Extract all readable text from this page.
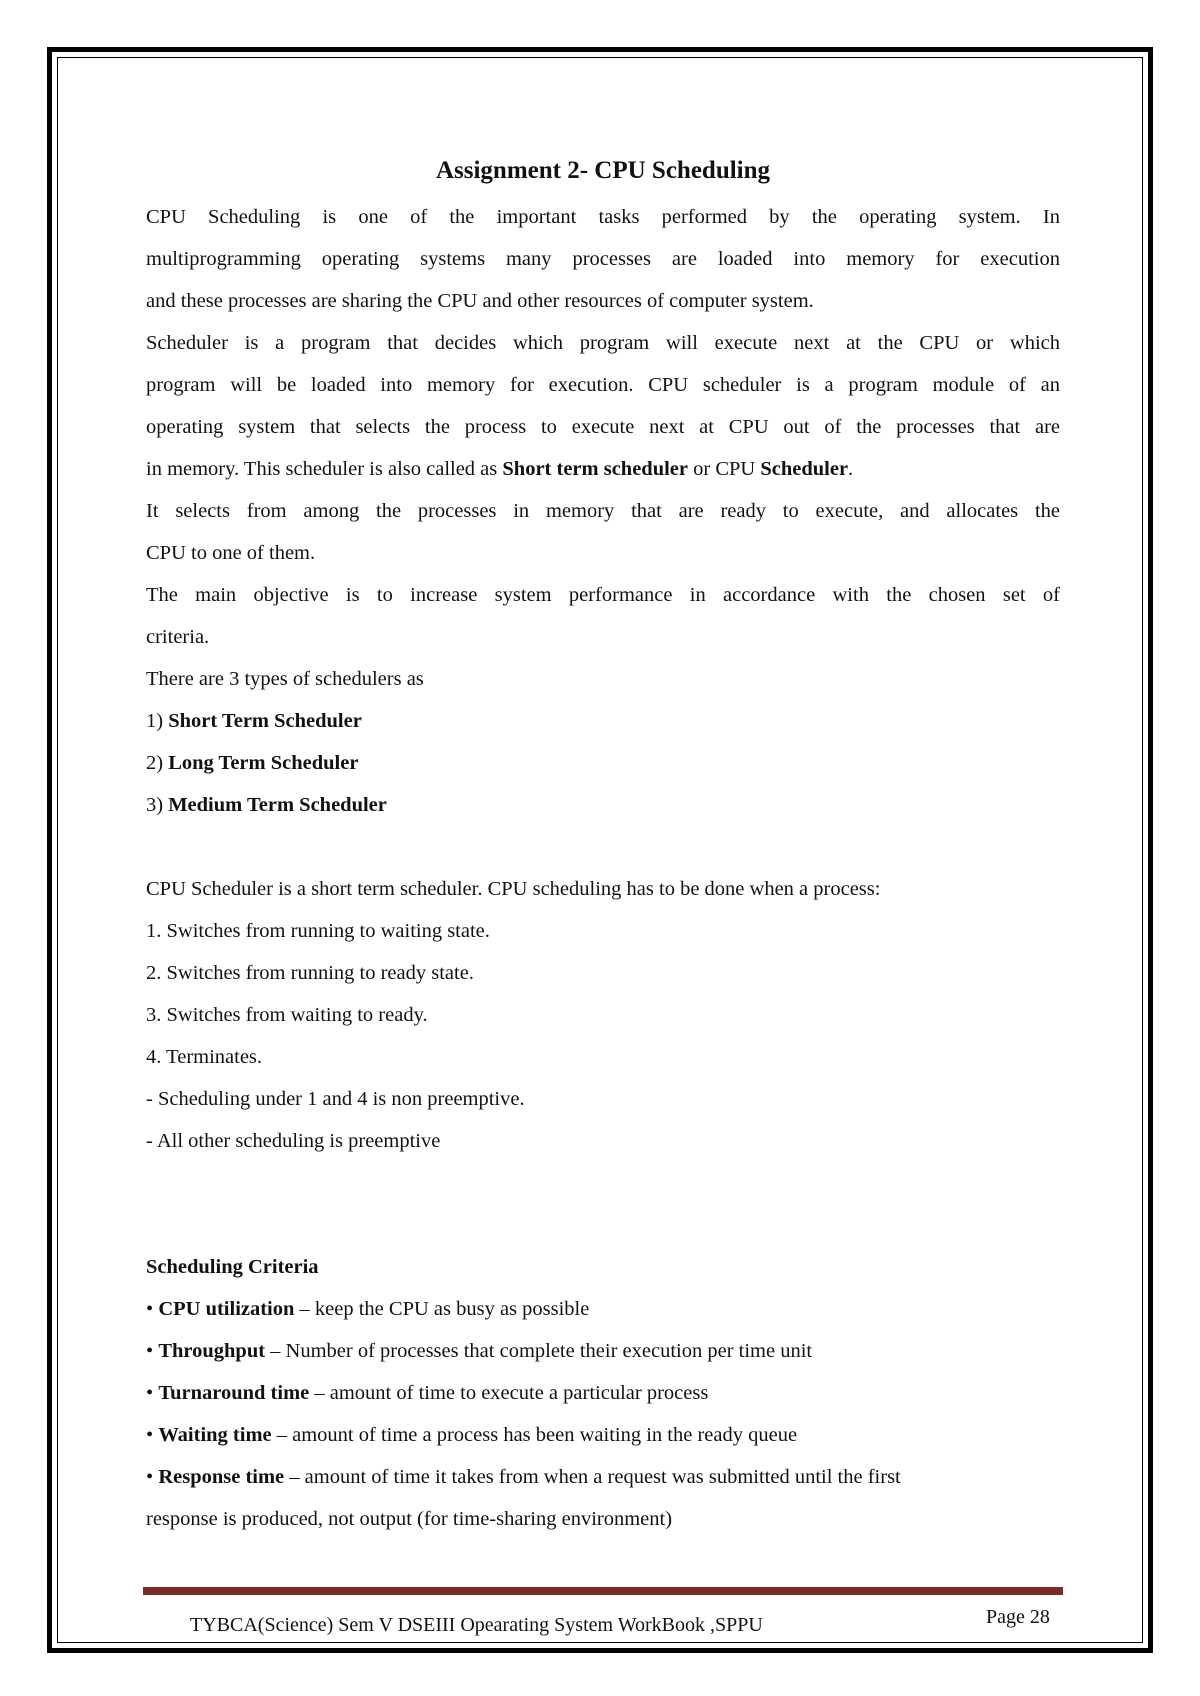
Assignment 2- CPU Scheduling
CPU Scheduling is one of the important tasks performed by the operating system. In
multiprogramming operating systems many processes are loaded into memory for execution
and these processes are sharing the CPU and other resources of computer system.
Scheduler is a program that decides which program will execute next at the CPU or which
program will be loaded into memory for execution. CPU scheduler is a program module of an
operating system that selects the process to execute next at CPU out of the processes that are
in memory. This scheduler is also called as Short term scheduler or CPU Scheduler.
It selects from among the processes in memory that are ready to execute, and allocates the
CPU to one of them.
The main objective is to increase system performance in accordance with the chosen set of
criteria.
There are 3 types of schedulers as
1) Short Term Scheduler
2) Long Term Scheduler
3) Medium Term Scheduler
CPU Scheduler is a short term scheduler. CPU scheduling has to be done when a process:
1. Switches from running to waiting state.
2. Switches from running to ready state.
3. Switches from waiting to ready.
4. Terminates.
- Scheduling under 1 and 4 is non preemptive.
- All other scheduling is preemptive
Scheduling Criteria
• CPU utilization – keep the CPU as busy as possible
• Throughput – Number of processes that complete their execution per time unit
• Turnaround time – amount of time to execute a particular process
• Waiting time – amount of time a process has been waiting in the ready queue
• Response time – amount of time it takes from when a request was submitted until the first
response is produced, not output (for time-sharing environment)
TYBCA(Science) Sem V DSEIII Opearating System WorkBook ,SPPU	Page 28
